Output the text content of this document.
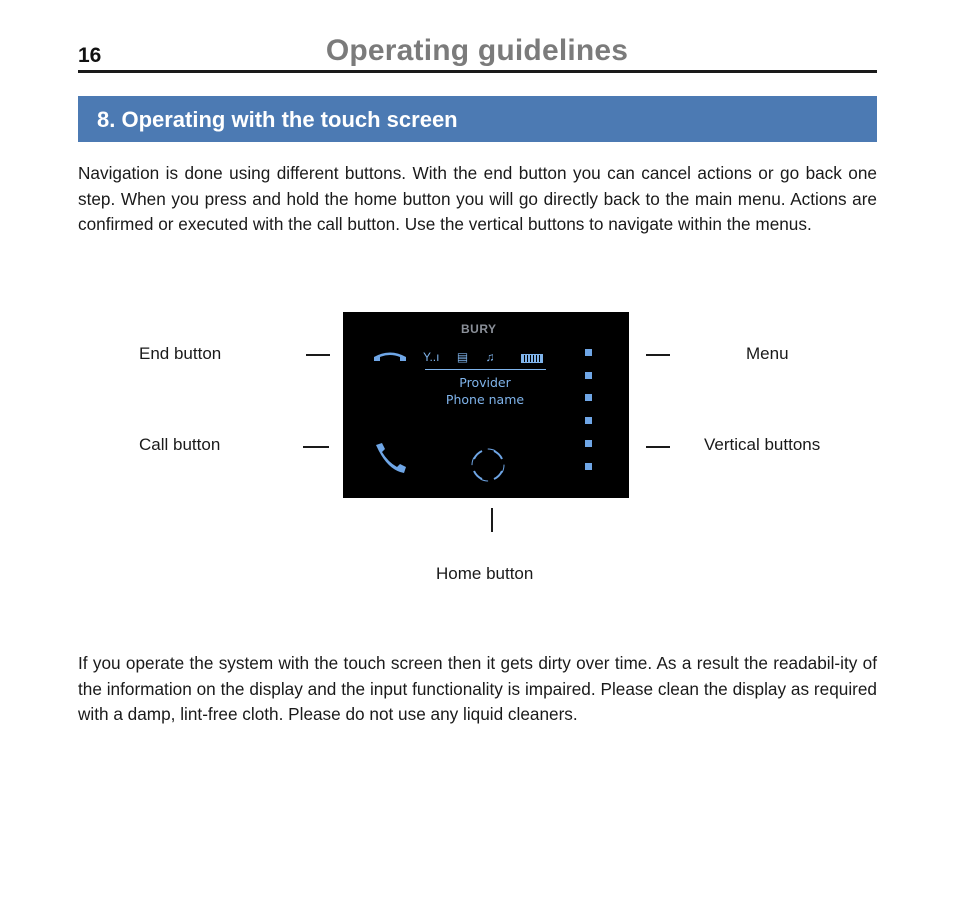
16	Operating guidelines
8. Operating with the touch screen

Navigation is done using different buttons. With the end button you can cancel actions or go back one step. When you press and hold the home button you will go directly back to the main menu. Actions are confirmed or executed with the call button. Use the vertical buttons to navigate within the menus.

BURY
Y..ı ▤ ♫
Provider
Phone name
End button
Call button
Menu
Vertical buttons
Home button

If you operate the system with the touch screen then it gets dirty over time. As a result the readabil-ity of the information on the display and the input functionality is impaired. Please clean the display as required with a damp, lint-free cloth. Please do not use any liquid cleaners.
